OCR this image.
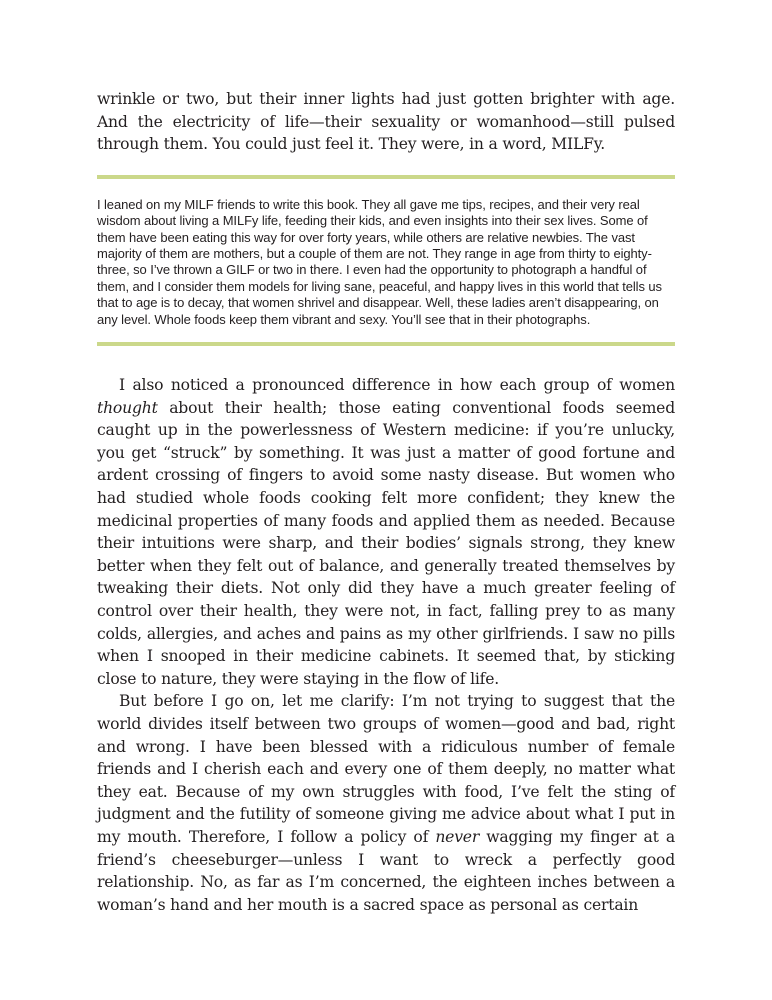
wrinkle or two, but their inner lights had just gotten brighter with age. And the electricity of life—their sexuality or womanhood—still pulsed through them. You could just feel it. They were, in a word, MILFy.

I leaned on my MILF friends to write this book. They all gave me tips, recipes, and their very real wisdom about living a MILFy life, feeding their kids, and even insights into their sex lives. Some of them have been eating this way for over forty years, while others are relative newbies. The vast majority of them are mothers, but a couple of them are not. They range in age from thirty to eighty-three, so I’ve thrown a GILF or two in there. I even had the opportunity to photograph a handful of them, and I consider them models for living sane, peaceful, and happy lives in this world that tells us that to age is to decay, that women shrivel and disappear. Well, these ladies aren’t disappearing, on any level. Whole foods keep them vibrant and sexy. You’ll see that in their photographs.

I also noticed a pronounced difference in how each group of women thought about their health; those eating conventional foods seemed caught up in the powerlessness of Western medicine: if you’re unlucky, you get “struck” by something. It was just a matter of good fortune and ardent crossing of fingers to avoid some nasty disease. But women who had studied whole foods cooking felt more confident; they knew the medicinal properties of many foods and applied them as needed. Because their intuitions were sharp, and their bodies’ signals strong, they knew better when they felt out of balance, and generally treated themselves by tweaking their diets. Not only did they have a much greater feeling of control over their health, they were not, in fact, falling prey to as many colds, allergies, and aches and pains as my other girlfriends. I saw no pills when I snooped in their medicine cabinets. It seemed that, by sticking close to nature, they were staying in the flow of life.

But before I go on, let me clarify: I’m not trying to suggest that the world divides itself between two groups of women—good and bad, right and wrong. I have been blessed with a ridiculous number of female friends and I cherish each and every one of them deeply, no matter what they eat. Because of my own struggles with food, I’ve felt the sting of judgment and the futility of someone giving me advice about what I put in my mouth. Therefore, I follow a policy of never wagging my finger at a friend’s cheeseburger—unless I want to wreck a perfectly good relationship. No, as far as I’m concerned, the eighteen inches between a woman’s hand and her mouth is a sacred space as personal as certain
